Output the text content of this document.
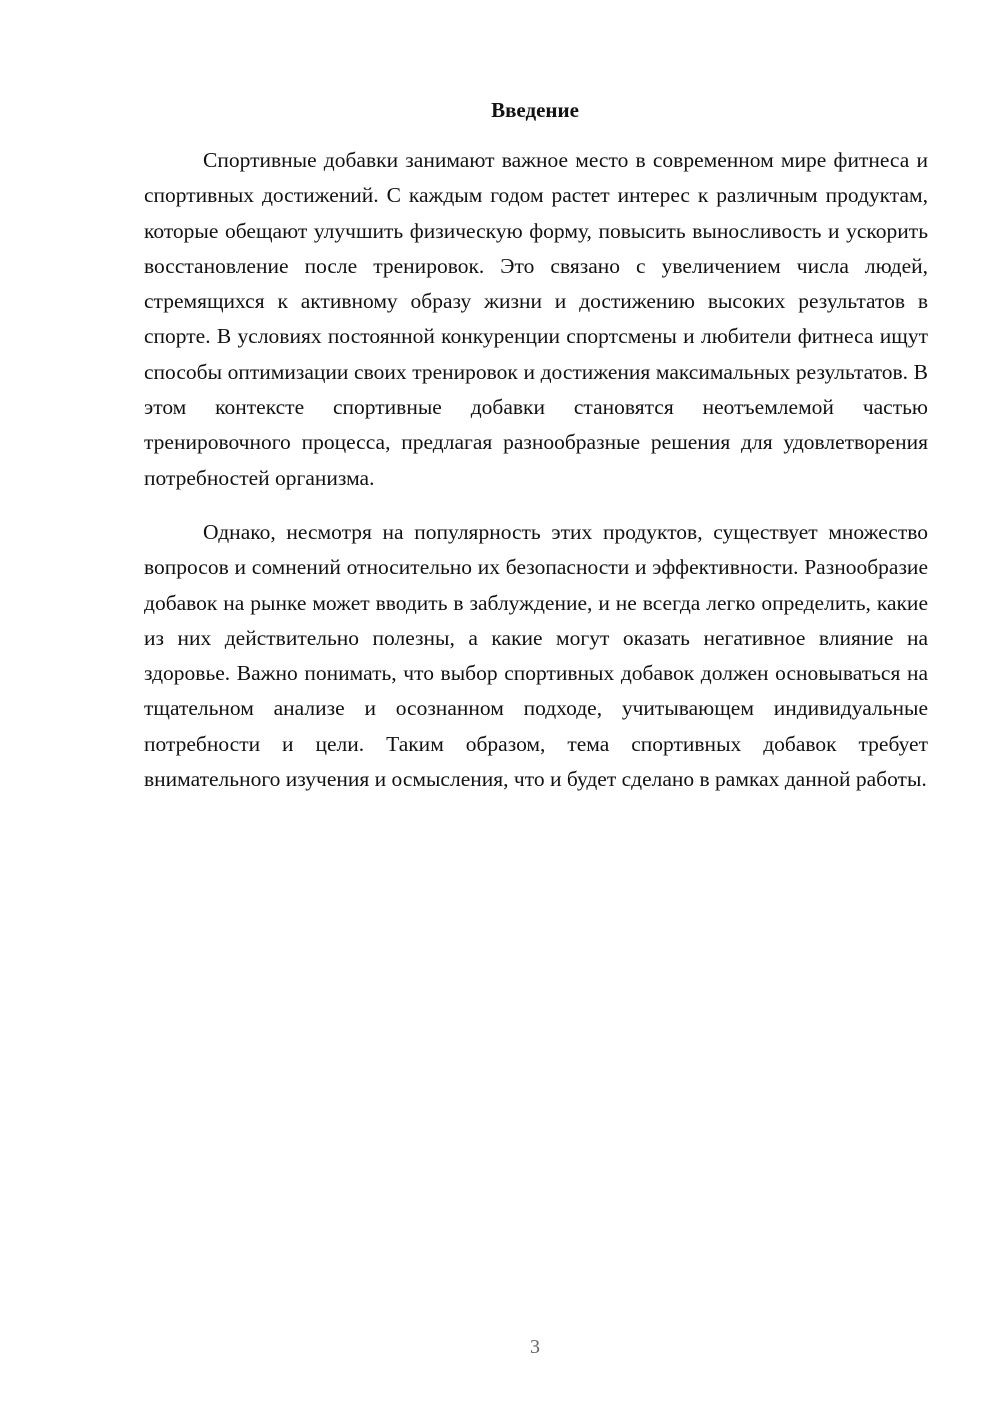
Введение

Спортивные добавки занимают важное место в современном мире фитнеса и спортивных достижений. С каждым годом растет интерес к различным продуктам, которые обещают улучшить физическую форму, повысить выносливость и ускорить восстановление после тренировок. Это связано с увеличением числа людей, стремящихся к активному образу жизни и достижению высоких результатов в спорте. В условиях постоянной конкуренции спортсмены и любители фитнеса ищут способы оптимизации своих тренировок и достижения максимальных результатов. В этом контексте спортивные добавки становятся неотъемлемой частью тренировочного процесса, предлагая разнообразные решения для удовлетворения потребностей организма.

Однако, несмотря на популярность этих продуктов, существует множество вопросов и сомнений относительно их безопасности и эффективности. Разнообразие добавок на рынке может вводить в заблуждение, и не всегда легко определить, какие из них действительно полезны, а какие могут оказать негативное влияние на здоровье. Важно понимать, что выбор спортивных добавок должен основываться на тщательном анализе и осознанном подходе, учитывающем индивидуальные потребности и цели. Таким образом, тема спортивных добавок требует внимательного изучения и осмысления, что и будет сделано в рамках данной работы.

3
